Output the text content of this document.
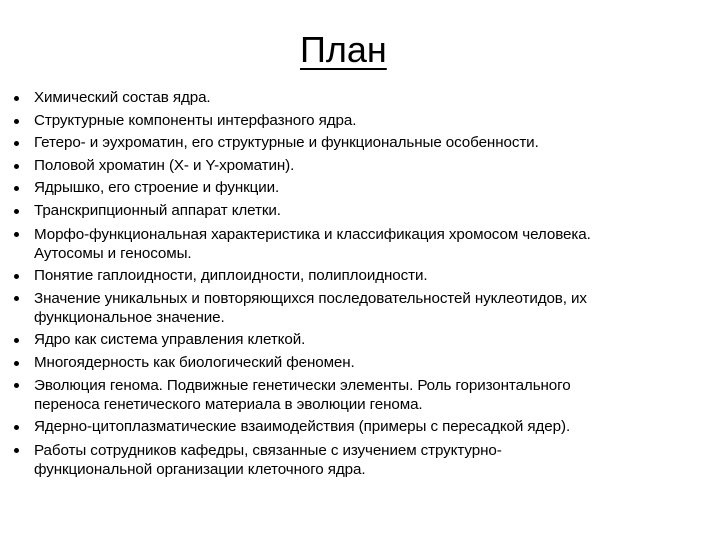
План
Химический состав ядра.
Структурные компоненты интерфазного ядра.
Гетеро- и эухроматин, его структурные и функциональные особенности.
Половой хроматин (X- и Y-хроматин).
Ядрышко, его строение и функции.
Транскрипционный аппарат клетки.
Морфо-функциональная характеристика и классификация хромосом человека.
Аутосомы и геносомы.
Понятие гаплоидности, диплоидности, полиплоидности.
Значение уникальных и повторяющихся последовательностей нуклеотидов, их
функциональное значение.
Ядро как система управления клеткой.
Многоядерность как биологический феномен.
Эволюция генома. Подвижные генетически элементы. Роль горизонтального
переноса генетического материала в эволюции генома.
Ядерно-цитоплазматические взаимодействия (примеры с пересадкой ядер).
Работы сотрудников кафедры, связанные с изучением структурно-
функциональной организации клеточного ядра.
